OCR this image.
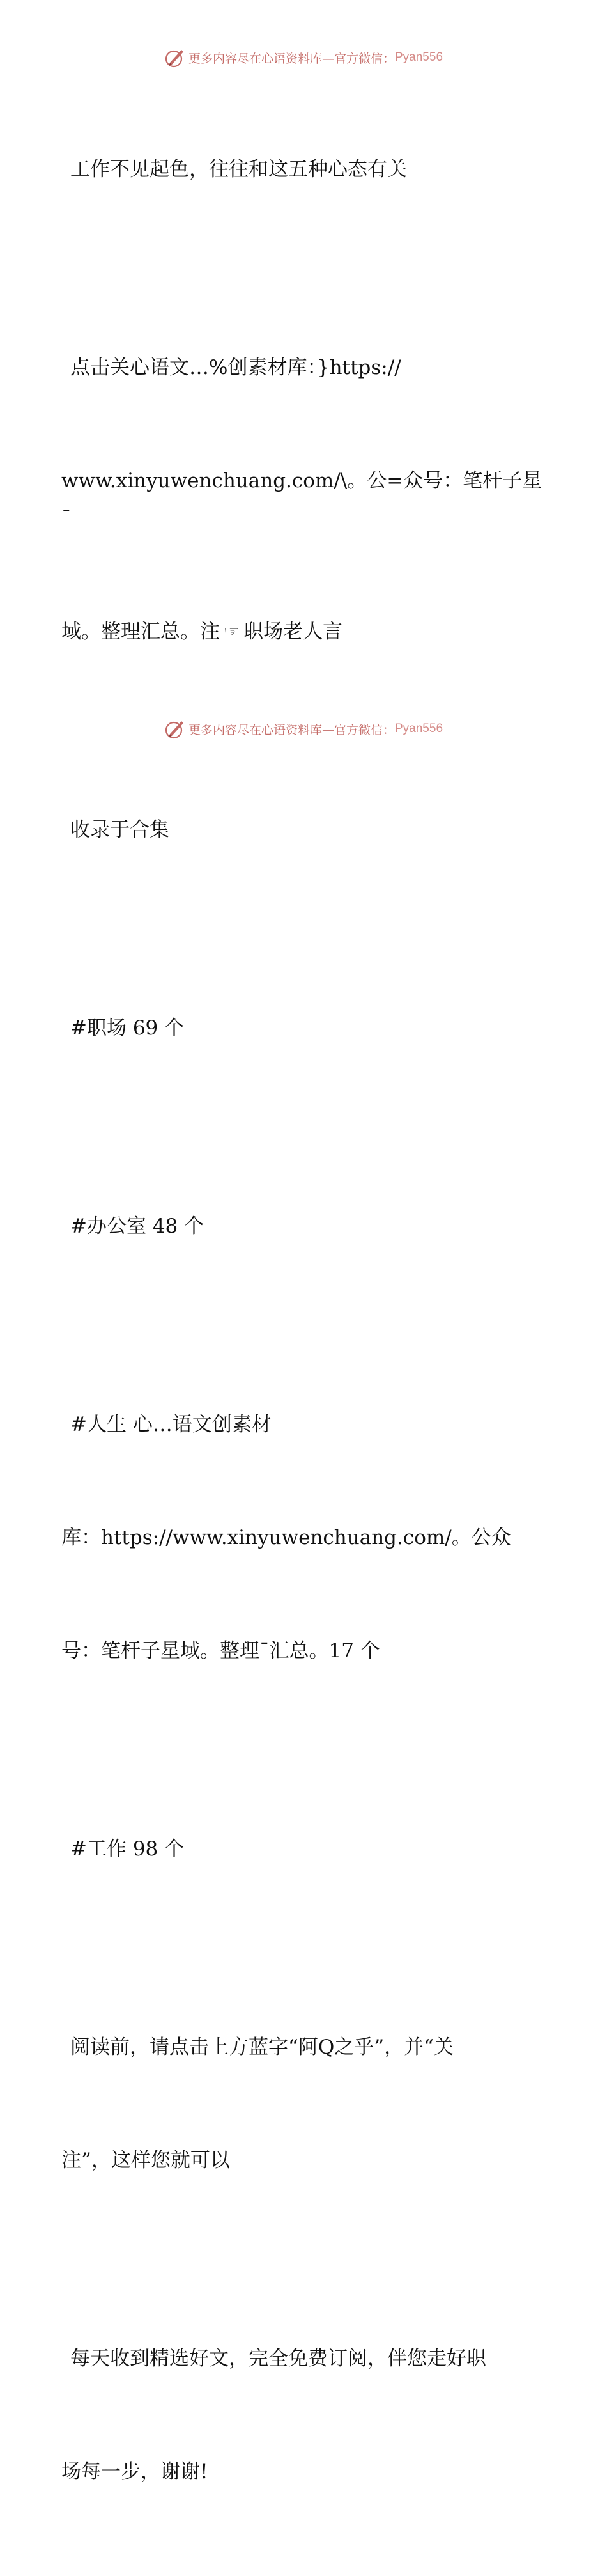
更多内容尽在心语资料库—官方微信： Pyan556

工作不见起色，往往和这五种心态有关

点击关心语文…%创素材库：}https://

www.xinyuwenchuang.com/\。公=众号：笔杆子星¯

域。整理汇总。注 ☞ 职场老人言

收录于合集

#职场 69 个

#办公室 48 个

#人生 心…语文创素材

库：https://www.xinyuwenchuang.com/。公众

号：笔杆子星域。整理¯汇总。17 个

#工作 98 个

阅读前，请点击上方蓝字“阿Q之乎”，并“关

注”，这样您就可以

每天收到精选好文，完全免费订阅，伴您走好职

场每一步，谢谢!

更多内容尽在心语资料库—官方微信： Pyan556
